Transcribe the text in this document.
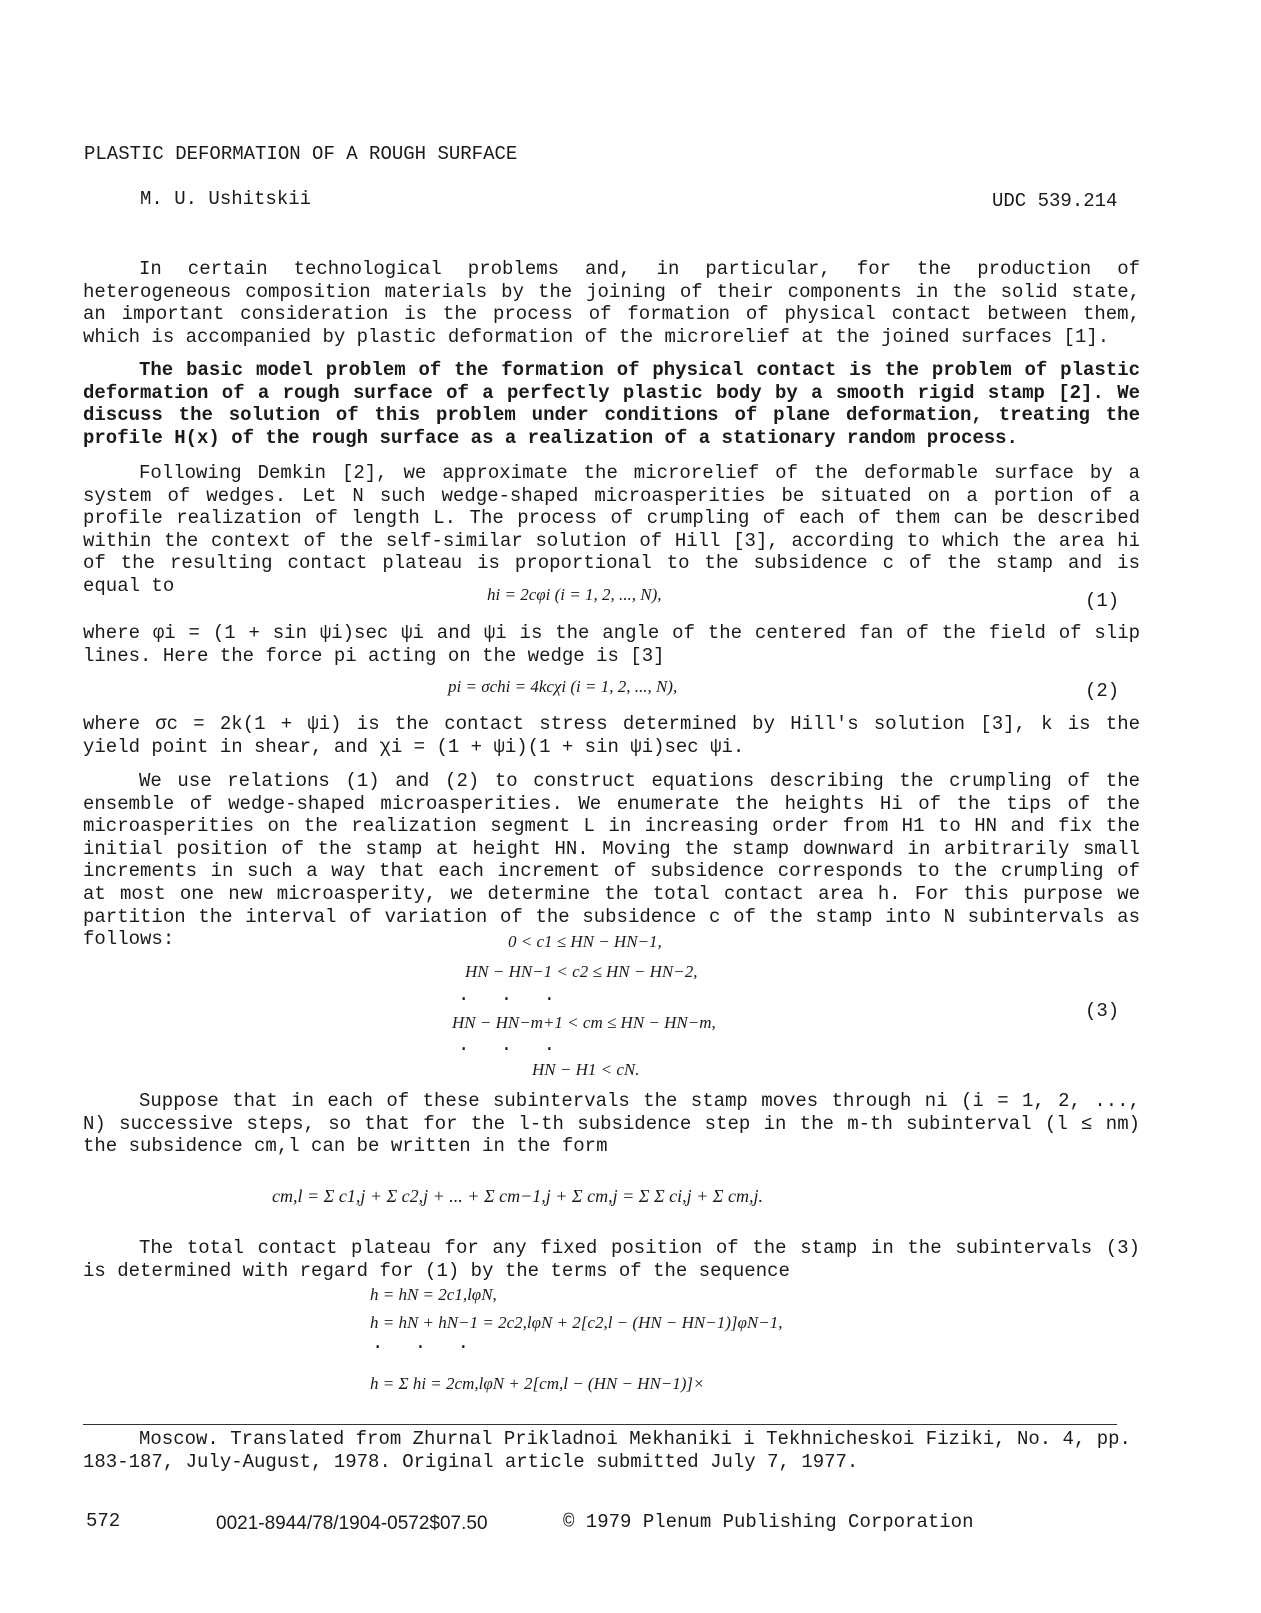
PLASTIC DEFORMATION OF A ROUGH SURFACE
M. U. Ushitskii	UDC 539.214

In certain technological problems and, in particular, for the production of heterogeneous composition materials by the joining of their components in the solid state, an important consideration is the process of formation of physical contact between them, which is accompanied by plastic deformation of the microrelief at the joined surfaces [1].

The basic model problem of the formation of physical contact is the problem of plastic deformation of a rough surface of a perfectly plastic body by a smooth rigid stamp [2]. We discuss the solution of this problem under conditions of plane deformation, treating the profile H(x) of the rough surface as a realization of a stationary random process.

Following Demkin [2], we approximate the microrelief of the deformable surface by a system of wedges. Let N such wedge-shaped microasperities be situated on a portion of a profile realization of length L. The process of crumpling of each of them can be described within the context of the self-similar solution of Hill [3], according to which the area hi of the resulting contact plateau is proportional to the subsidence c of the stamp and is equal to	hi = 2cφi (i = 1, 2, ..., N),	(1)

where φi = (1 + sin ψi)sec ψi and ψi is the angle of the centered fan of the field of slip lines. Here the force pi acting on the wedge is [3]

pi = σchi = 4kcχi (i = 1, 2, ..., N),	(2)

where σc = 2k(1 + ψi) is the contact stress determined by Hill's solution [3], k is the yield point in shear, and χi = (1 + ψi)(1 + sin ψi)sec ψi.

We use relations (1) and (2) to construct equations describing the crumpling of the ensemble of wedge-shaped microasperities. We enumerate the heights Hi of the tips of the microasperities on the realization segment L in increasing order from H1 to HN and fix the initial position of the stamp at height HN. Moving the stamp downward in arbitrarily small increments in such a way that each increment of subsidence corresponds to the crumpling of at most one new microasperity, we determine the total contact area h. For this purpose we partition the interval of variation of the subsidence c of the stamp into N subintervals as follows:	0 < c1 ≤ HN − HN−1,
HN − HN−1 < c2 ≤ HN − HN−2,
· · ·
HN − HN−m+1 < cm ≤ HN − HN−m,
(3)
· · ·
HN − H1 < cN.

Suppose that in each of these subintervals the stamp moves through ni (i = 1, 2, ..., N) successive steps, so that for the l-th subsidence step in the m-th subinterval (l ≤ nm) the subsidence cm,l can be written in the form

cm,l = Σ c1,j + Σ c2,j + ... + Σ cm−1,j + Σ cm,j = Σ Σ ci,j + Σ cm,j.

The total contact plateau for any fixed position of the stamp in the subintervals (3) is determined with regard for (1) by the terms of the sequence

h = hN = 2c1,lφN,
h = hN + hN−1 = 2c2,lφN + 2[c2,l − (HN − HN−1)]φN−1,
· · ·
h = Σ hi = 2cm,lφN + 2[cm,l − (HN − HN−1)]×

Moscow. Translated from Zhurnal Prikladnoi Mekhaniki i Tekhnicheskoi Fiziki, No. 4, pp. 183-187, July-August, 1978. Original article submitted July 7, 1977.

572	0021-8944/78/1904-0572$07.50	© 1979 Plenum Publishing Corporation
